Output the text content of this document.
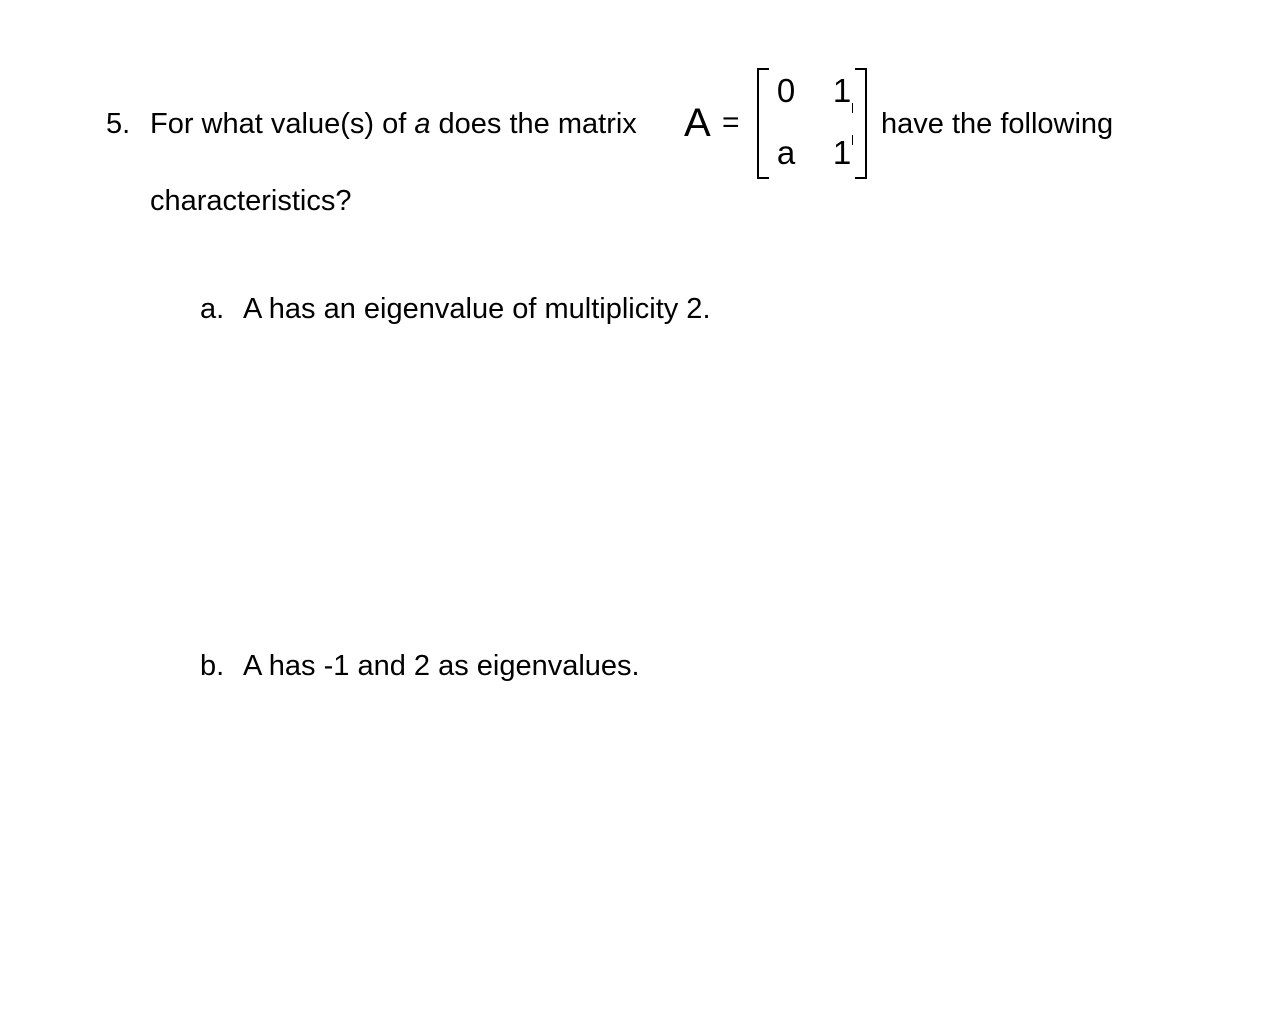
5. For what value(s) of a does the matrix A =
0 1
a 1
have the following
characteristics?
a. A has an eigenvalue of multiplicity 2.
b. A has -1 and 2 as eigenvalues.
